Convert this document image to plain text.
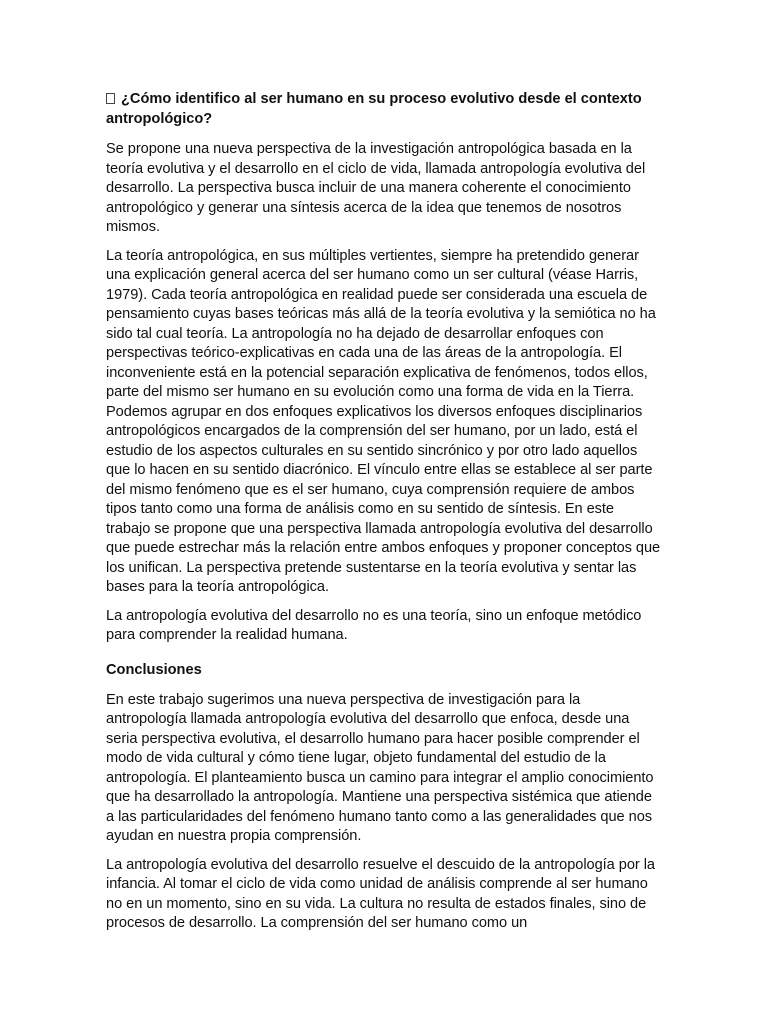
¿Cómo identifico al ser humano en su proceso evolutivo desde el contexto antropológico?

Se propone una nueva perspectiva de la investigación antropológica basada en la teoría evolutiva y el desarrollo en el ciclo de vida, llamada antropología evolutiva del desarrollo. La perspectiva busca incluir de una manera coherente el conocimiento antropológico y generar una síntesis acerca de la idea que tenemos de nosotros mismos.

La teoría antropológica, en sus múltiples vertientes, siempre ha pretendido generar una explicación general acerca del ser humano como un ser cultural (véase Harris, 1979). Cada teoría antropológica en realidad puede ser considerada una escuela de pensamiento cuyas bases teóricas más allá de la teoría evolutiva y la semiótica no ha sido tal cual teoría. La antropología no ha dejado de desarrollar enfoques con perspectivas teórico-explicativas en cada una de las áreas de la antropología. El inconveniente está en la potencial separación explicativa de fenómenos, todos ellos, parte del mismo ser humano en su evolución como una forma de vida en la Tierra. Podemos agrupar en dos enfoques explicativos los diversos enfoques disciplinarios antropológicos encargados de la comprensión del ser humano, por un lado, está el estudio de los aspectos culturales en su sentido sincrónico y por otro lado aquellos que lo hacen en su sentido diacrónico. El vínculo entre ellas se establece al ser parte del mismo fenómeno que es el ser humano, cuya comprensión requiere de ambos tipos tanto como una forma de análisis como en su sentido de síntesis. En este trabajo se propone que una perspectiva llamada antropología evolutiva del desarrollo que puede estrechar más la relación entre ambos enfoques y proponer conceptos que los unifican. La perspectiva pretende sustentarse en la teoría evolutiva y sentar las bases para la teoría antropológica.

La antropología evolutiva del desarrollo no es una teoría, sino un enfoque metódico para comprender la realidad humana.

Conclusiones

En este trabajo sugerimos una nueva perspectiva de investigación para la antropología llamada antropología evolutiva del desarrollo que enfoca, desde una seria perspectiva evolutiva, el desarrollo humano para hacer posible comprender el modo de vida cultural y cómo tiene lugar, objeto fundamental del estudio de la antropología. El planteamiento busca un camino para integrar el amplio conocimiento que ha desarrollado la antropología. Mantiene una perspectiva sistémica que atiende a las particularidades del fenómeno humano tanto como a las generalidades que nos ayudan en nuestra propia comprensión.

La antropología evolutiva del desarrollo resuelve el descuido de la antropología por la infancia. Al tomar el ciclo de vida como unidad de análisis comprende al ser humano no en un momento, sino en su vida. La cultura no resulta de estados finales, sino de procesos de desarrollo. La comprensión del ser humano como un
